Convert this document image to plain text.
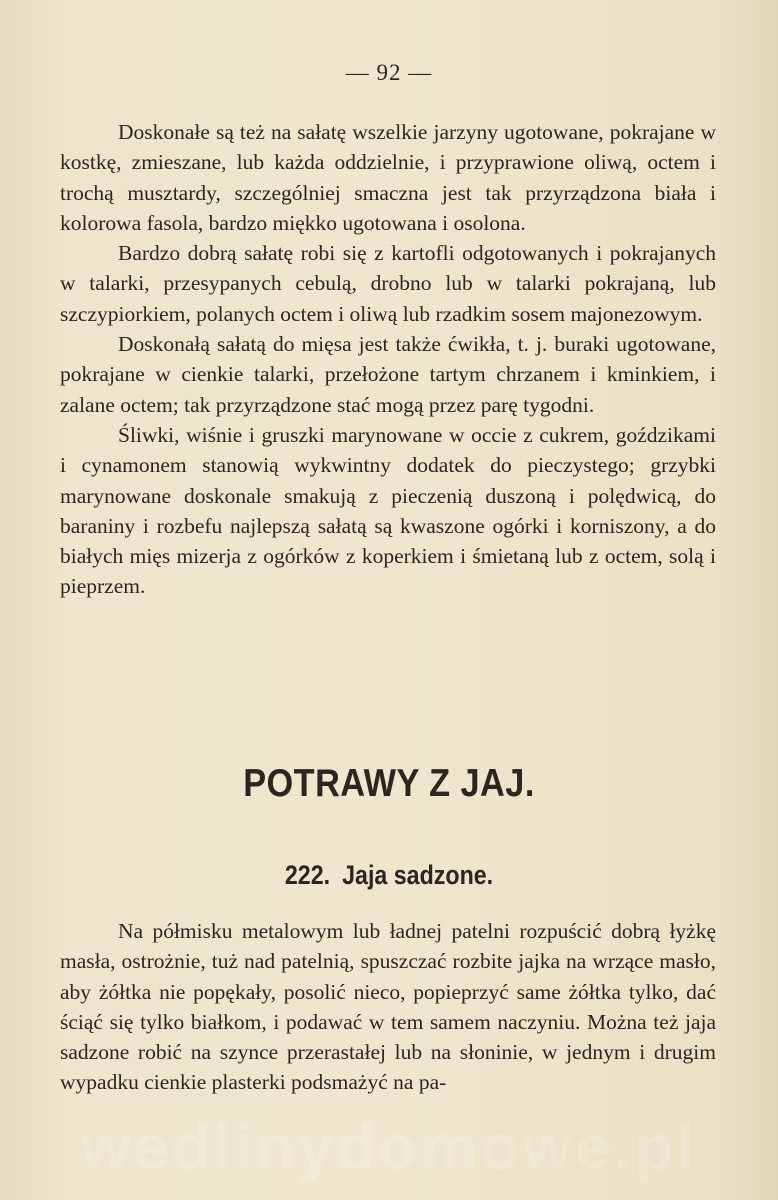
— 92 —

Doskonałe są też na sałatę wszelkie jarzyny ugotowane, pokrajane w kostkę, zmieszane, lub każda oddzielnie, i przyprawione oliwą, octem i trochą musztardy, szczególniej smaczna jest tak przyrządzona biała i kolorowa fasola, bardzo miękko ugotowana i osolona.

Bardzo dobrą sałatę robi się z kartofli odgotowanych i pokrajanych w talarki, przesypanych cebulą, drobno lub w talarki pokrajaną, lub szczypiorkiem, polanych octem i oliwą lub rzadkim sosem majonezowym.

Doskonałą sałatą do mięsa jest także ćwikła, t. j. buraki ugotowane, pokrajane w cienkie talarki, przełożone tartym chrzanem i kminkiem, i zalane octem; tak przyrządzone stać mogą przez parę tygodni.

Śliwki, wiśnie i gruszki marynowane w occie z cukrem, goździkami i cynamonem stanowią wykwintny dodatek do pieczystego; grzybki marynowane doskonale smakują z pieczenią duszoną i polędwicą, do baraniny i rozbefu najlepszą sałatą są kwaszone ogórki i korniszony, a do białych mięs mizerja z ogórków z koperkiem i śmietaną lub z octem, solą i pieprzem.

POTRAWY Z JAJ.
222. Jaja sadzone.

Na półmisku metalowym lub ładnej patelni rozpuścić dobrą łyżkę masła, ostrożnie, tuż nad patelnią, spuszczać rozbite jajka na wrzące masło, aby żółtka nie popękały, posolić nieco, popieprzyć same żółtka tylko, dać ściąć się tylko białkom, i podawać w tem samem naczyniu. Można też jaja sadzone robić na szynce przerastałej lub na słoninie, w jednym i drugim wypadku cienkie plasterki podsmażyć na pa-

wedlinydomowe.pl
